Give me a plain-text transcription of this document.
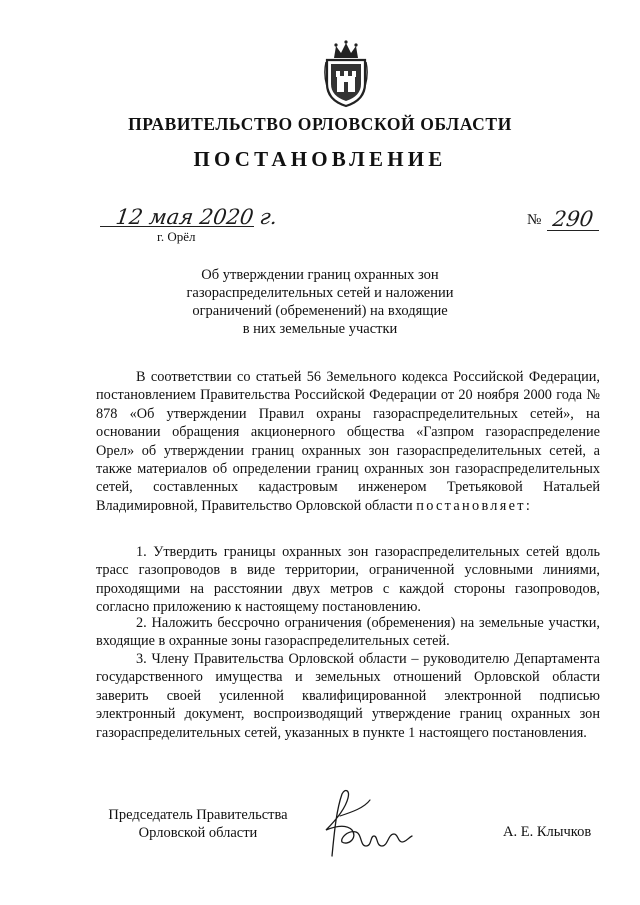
ПРАВИТЕЛЬСТВО ОРЛОВСКОЙ ОБЛАСТИ
ПОСТАНОВЛЕНИЕ
12 мая 2020 г.
г. Орёл
№ 290
Об утверждении границ охранных зон
газораспределительных сетей и наложении
ограничений (обременений) на входящие
в них земельные участки
В соответствии со статьей 56 Земельного кодекса Российской Федерации, постановлением Правительства Российской Федерации от 20 ноября 2000 года № 878 «Об утверждении Правил охраны газораспределительных сетей», на основании обращения акционерного общества «Газпром газораспределение Орел» об утверждении границ охранных зон газораспределительных сетей, а также материалов об определении границ охранных зон газораспределительных сетей, составленных кадастровым инженером Третьяковой Натальей Владимировной, Правительство Орловской области постановляет:
1. Утвердить границы охранных зон газораспределительных сетей вдоль трасс газопроводов в виде территории, ограниченной условными линиями, проходящими на расстоянии двух метров с каждой стороны газопроводов, согласно приложению к настоящему постановлению.
2. Наложить бессрочно ограничения (обременения) на земельные участки, входящие в охранные зоны газораспределительных сетей.
3. Члену Правительства Орловской области – руководителю Департамента государственного имущества и земельных отношений Орловской области заверить своей усиленной квалифицированной электронной подписью электронный документ, воспроизводящий утверждение границ охранных зон газораспределительных сетей, указанных в пункте 1 настоящего постановления.
Председатель Правительства
Орловской области	А. Е. Клычков
